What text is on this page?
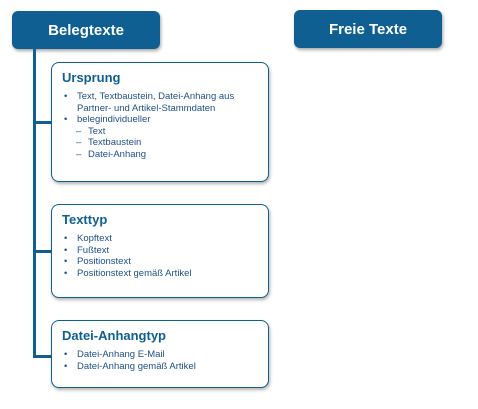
Belegtexte	Freie Texte
Ursprung
• Text, Textbaustein, Datei-Anhang aus Partner- und Artikel-Stammdaten
• belegindividueller
– Text
– Textbaustein
– Datei-Anhang
Texttyp
• Kopftext
• Fußtext
• Positionstext
• Positionstext gemäß Artikel
Datei-Anhangtyp
• Datei-Anhang E-Mail
• Datei-Anhang gemäß Artikel
